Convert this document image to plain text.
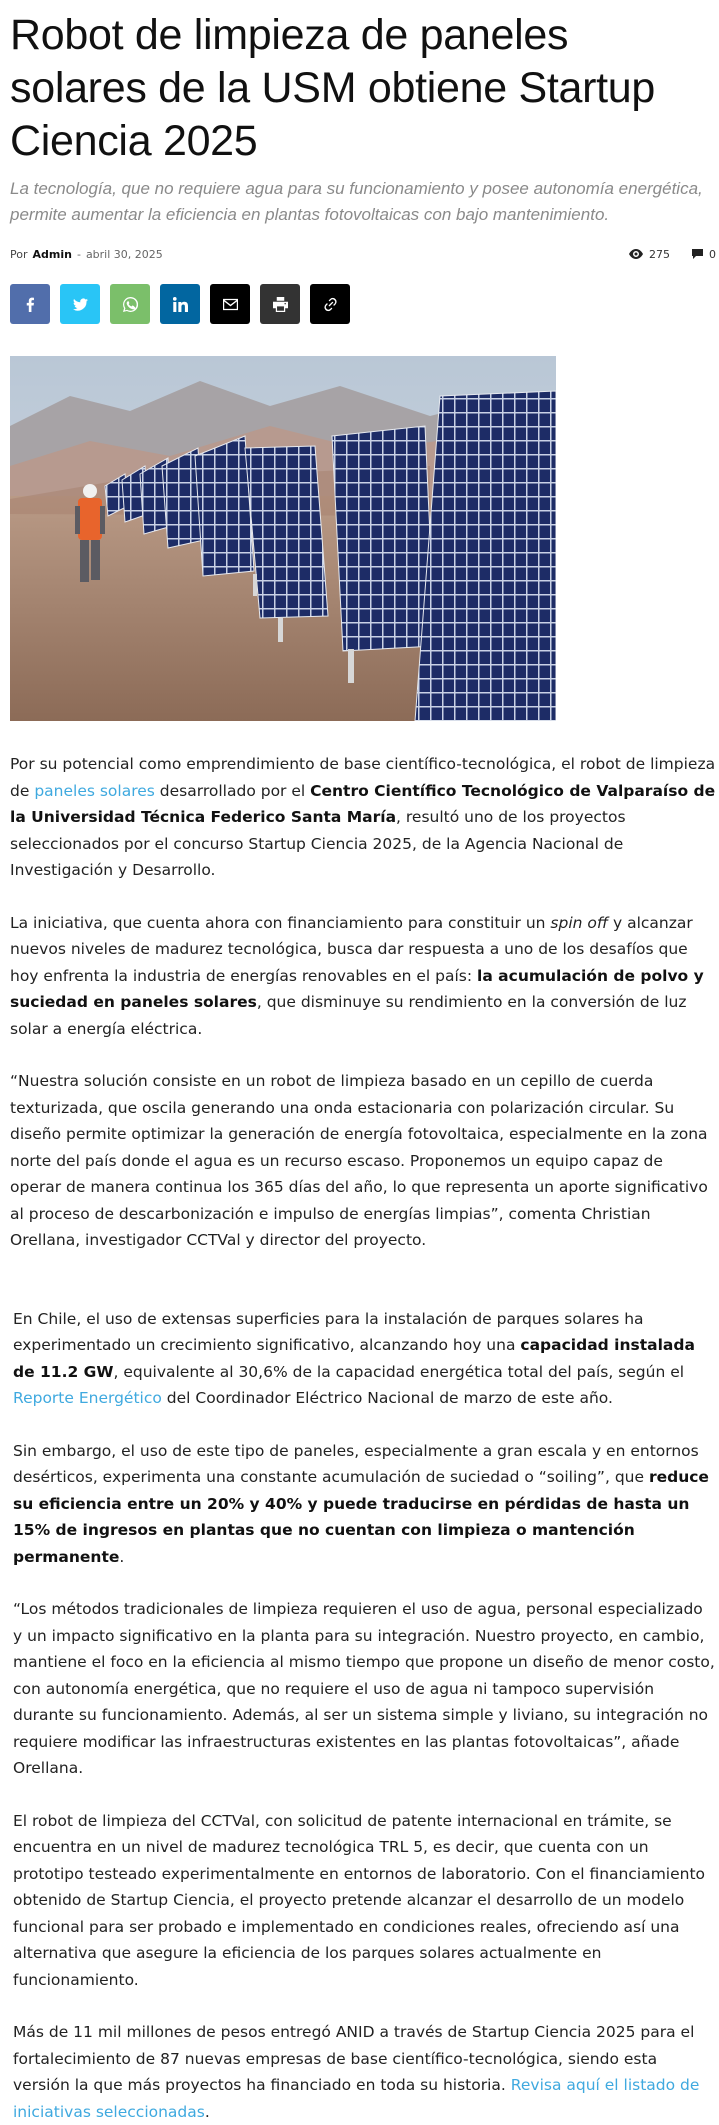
Robot de limpieza de paneles solares de la USM obtiene Startup Ciencia 2025
La tecnología, que no requiere agua para su funcionamiento y posee autonomía energética, permite aumentar la eficiencia en plantas fotovoltaicas con bajo mantenimiento.
Por Admin - abril 30, 2025	275	0

Por su potencial como emprendimiento de base científico-tecnológica, el robot de limpieza de paneles solares desarrollado por el Centro Científico Tecnológico de Valparaíso de la Universidad Técnica Federico Santa María, resultó uno de los proyectos seleccionados por el concurso Startup Ciencia 2025, de la Agencia Nacional de Investigación y Desarrollo.

La iniciativa, que cuenta ahora con financiamiento para constituir un spin off y alcanzar nuevos niveles de madurez tecnológica, busca dar respuesta a uno de los desafíos que hoy enfrenta la industria de energías renovables en el país: la acumulación de polvo y suciedad en paneles solares, que disminuye su rendimiento en la conversión de luz solar a energía eléctrica.

“Nuestra solución consiste en un robot de limpieza basado en un cepillo de cuerda texturizada, que oscila generando una onda estacionaria con polarización circular. Su diseño permite optimizar la generación de energía fotovoltaica, especialmente en la zona norte del país donde el agua es un recurso escaso. Proponemos un equipo capaz de operar de manera continua los 365 días del año, lo que representa un aporte significativo al proceso de descarbonización e impulso de energías limpias”, comenta Christian Orellana, investigador CCTVal y director del proyecto.

En Chile, el uso de extensas superficies para la instalación de parques solares ha experimentado un crecimiento significativo, alcanzando hoy una capacidad instalada de 11.2 GW, equivalente al 30,6% de la capacidad energética total del país, según el Reporte Energético del Coordinador Eléctrico Nacional de marzo de este año.

Sin embargo, el uso de este tipo de paneles, especialmente a gran escala y en entornos desérticos, experimenta una constante acumulación de suciedad o “soiling”, que reduce su eficiencia entre un 20% y 40% y puede traducirse en pérdidas de hasta un 15% de ingresos en plantas que no cuentan con limpieza o mantención permanente.

“Los métodos tradicionales de limpieza requieren el uso de agua, personal especializado y un impacto significativo en la planta para su integración. Nuestro proyecto, en cambio, mantiene el foco en la eficiencia al mismo tiempo que propone un diseño de menor costo, con autonomía energética, que no requiere el uso de agua ni tampoco supervisión durante su funcionamiento. Además, al ser un sistema simple y liviano, su integración no requiere modificar las infraestructuras existentes en las plantas fotovoltaicas”, añade Orellana.

El robot de limpieza del CCTVal, con solicitud de patente internacional en trámite, se encuentra en un nivel de madurez tecnológica TRL 5, es decir, que cuenta con un prototipo testeado experimentalmente en entornos de laboratorio. Con el financiamiento obtenido de Startup Ciencia, el proyecto pretende alcanzar el desarrollo de un modelo funcional para ser probado e implementado en condiciones reales, ofreciendo así una alternativa que asegure la eficiencia de los parques solares actualmente en funcionamiento.

Más de 11 mil millones de pesos entregó ANID a través de Startup Ciencia 2025 para el fortalecimiento de 87 nuevas empresas de base científico-tecnológica, siendo esta versión la que más proyectos ha financiado en toda su historia. Revisa aquí el listado de iniciativas seleccionadas.
